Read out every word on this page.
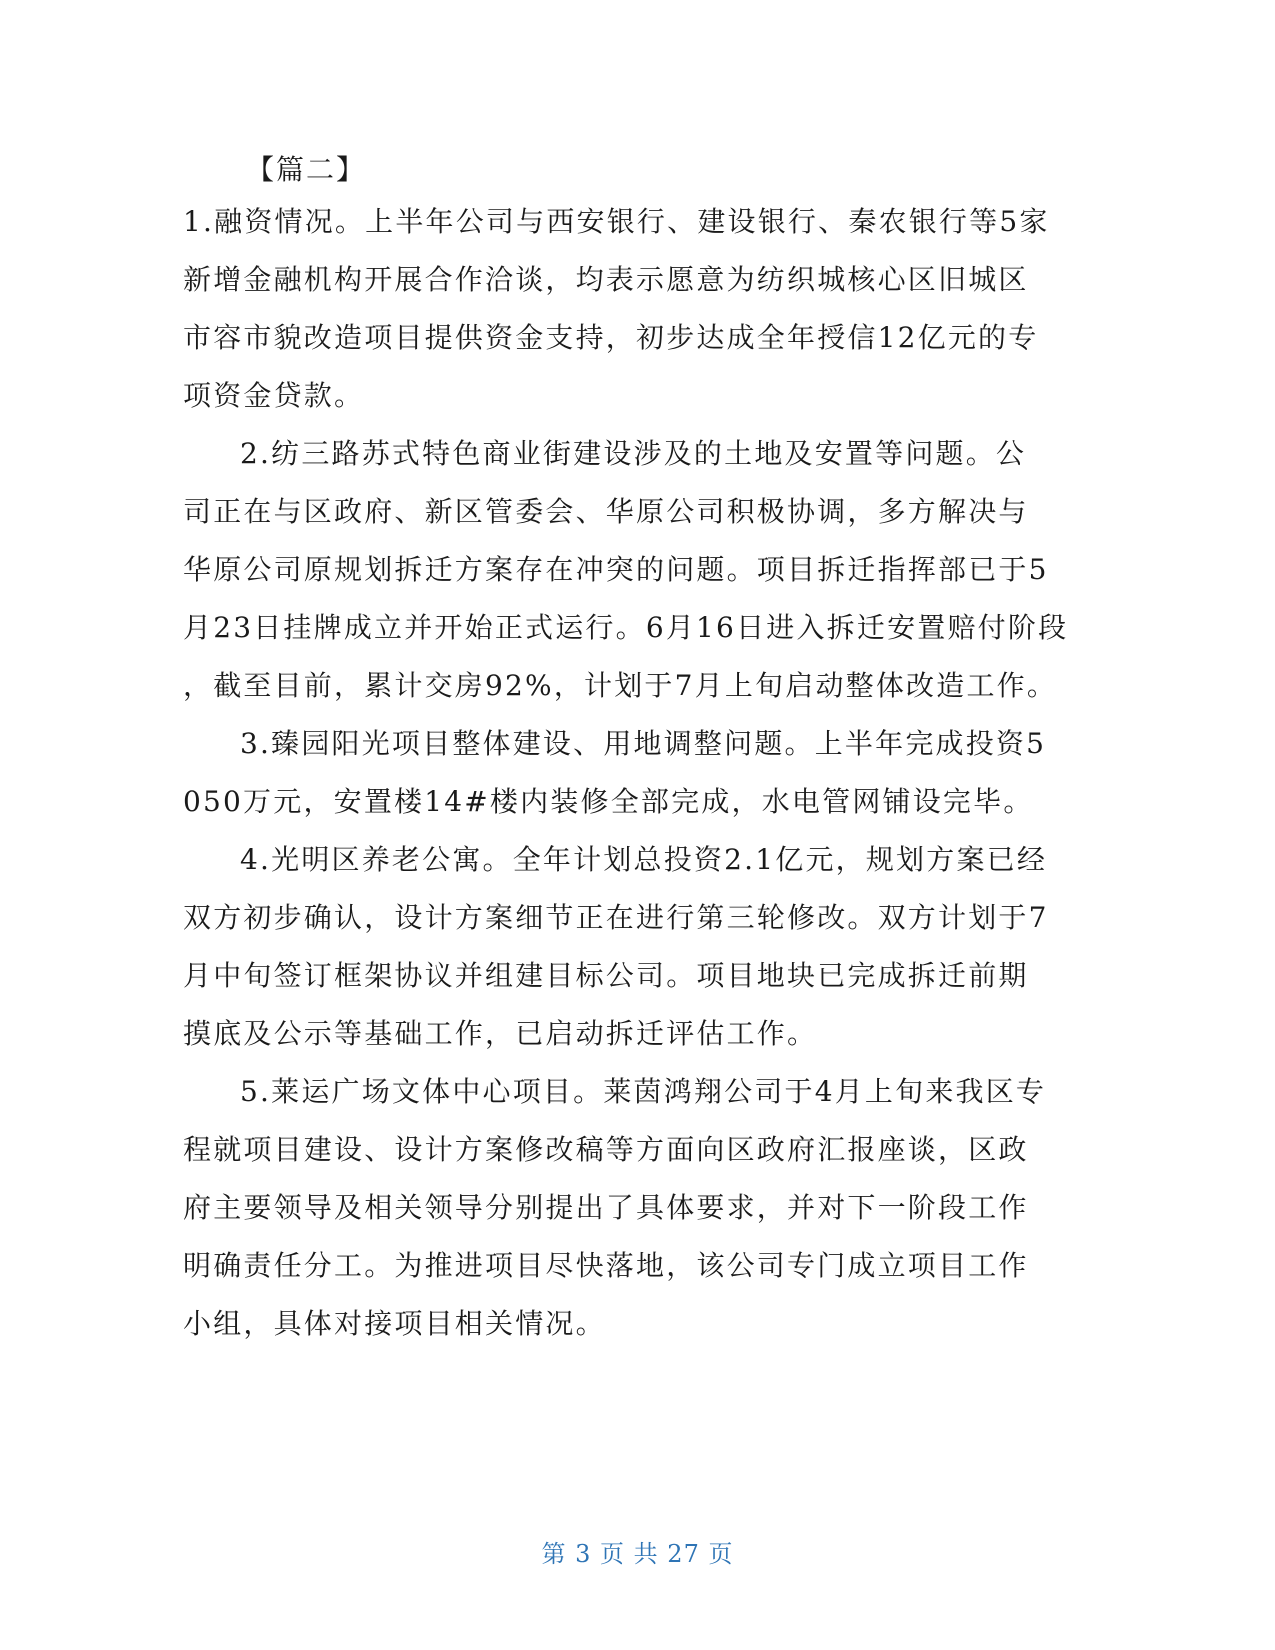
【篇二】
1.融资情况。上半年公司与西安银行、建设银行、秦农银行等5家
新增金融机构开展合作洽谈，均表示愿意为纺织城核心区旧城区
市容市貌改造项目提供资金支持，初步达成全年授信12亿元的专
项资金贷款。
2.纺三路苏式特色商业街建设涉及的土地及安置等问题。公
司正在与区政府、新区管委会、华原公司积极协调，多方解决与
华原公司原规划拆迁方案存在冲突的问题。项目拆迁指挥部已于5
月23日挂牌成立并开始正式运行。6月16日进入拆迁安置赔付阶段
，截至目前，累计交房92%，计划于7月上旬启动整体改造工作。
3.臻园阳光项目整体建设、用地调整问题。上半年完成投资5
050万元，安置楼14#楼内装修全部完成，水电管网铺设完毕。
4.光明区养老公寓。全年计划总投资2.1亿元，规划方案已经
双方初步确认，设计方案细节正在进行第三轮修改。双方计划于7
月中旬签订框架协议并组建目标公司。项目地块已完成拆迁前期
摸底及公示等基础工作，已启动拆迁评估工作。
5.莱运广场文体中心项目。莱茵鸿翔公司于4月上旬来我区专
程就项目建设、设计方案修改稿等方面向区政府汇报座谈，区政
府主要领导及相关领导分别提出了具体要求，并对下一阶段工作
明确责任分工。为推进项目尽快落地，该公司专门成立项目工作
小组，具体对接项目相关情况。
第 3 页 共 27 页
